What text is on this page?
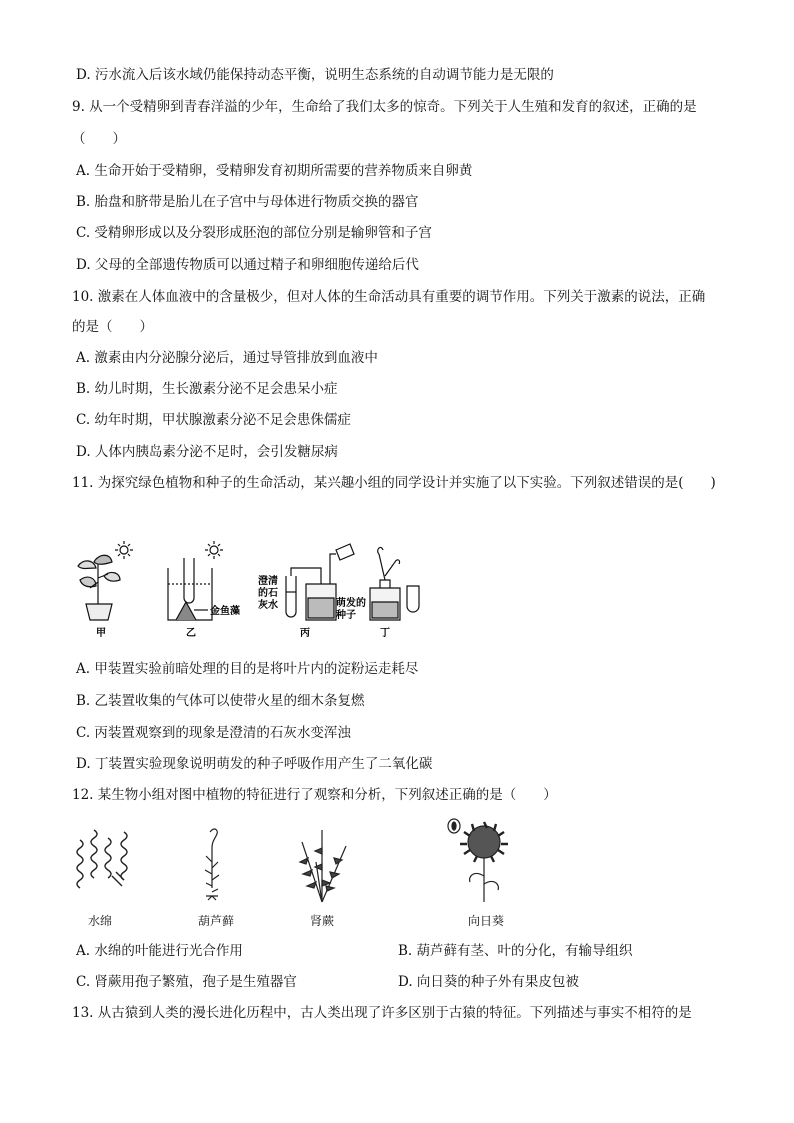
D. 污水流入后该水域仍能保持动态平衡，说明生态系统的自动调节能力是无限的
9. 从一个受精卵到青春洋溢的少年，生命给了我们太多的惊奇。下列关于人生殖和发育的叙述，正确的是
（　　）
A. 生命开始于受精卵，受精卵发育初期所需要的营养物质来自卵黄
B. 胎盘和脐带是胎儿在子宫中与母体进行物质交换的器官
C. 受精卵形成以及分裂形成胚泡的部位分别是输卵管和子宫
D. 父母的全部遗传物质可以通过精子和卵细胞传递给后代
10. 激素在人体血液中的含量极少，但对人体的生命活动具有重要的调节作用。下列关于激素的说法，正确
的是（　　）
A. 激素由内分泌腺分泌后，通过导管排放到血液中
B. 幼儿时期，生长激素分泌不足会患呆小症
C. 幼年时期，甲状腺激素分泌不足会患侏儒症
D. 人体内胰岛素分泌不足时，会引发糖尿病
11. 为探究绿色植物和种子的生命活动，某兴趣小组的同学设计并实施了以下实验。下列叙述错误的是(　　)
甲	乙
金鱼藻
澄清
的石
灰水	萌发的
种子
丙	丁
A. 甲装置实验前暗处理的目的是将叶片内的淀粉运走耗尽
B. 乙装置收集的气体可以使带火星的细木条复燃
C. 丙装置观察到的现象是澄清的石灰水变浑浊
D. 丁装置实验现象说明萌发的种子呼吸作用产生了二氧化碳
12. 某生物小组对图中植物的特征进行了观察和分析，下列叙述正确的是（　　）
水绵	葫芦藓	肾蕨	向日葵
A. 水绵的叶能进行光合作用	B. 葫芦藓有茎、叶的分化，有输导组织
C. 肾蕨用孢子繁殖，孢子是生殖器官	D. 向日葵的种子外有果皮包被
13. 从古猿到人类的漫长进化历程中，古人类出现了许多区别于古猿的特征。下列描述与事实不相符的是
